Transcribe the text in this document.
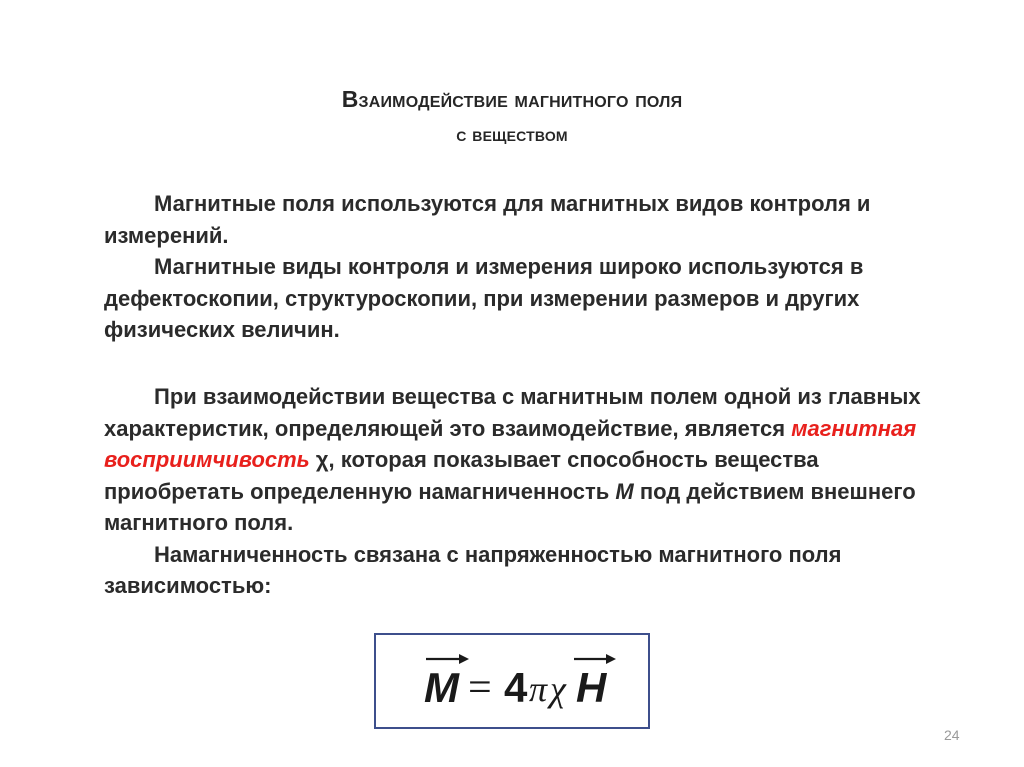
Взаимодействие магнитного поля
с веществом

Магнитные поля используются для магнитных видов контроля и измерений.

Магнитные виды контроля и измерения широко используются в дефектоскопии, структуроскопии, при измерении размеров и других физических величин.

При взаимодействии вещества с магнитным полем одной из главных характеристик, определяющей это взаимодействие, является магнитная восприимчивость χ, которая показывает способность вещества приобретать определенную намагниченность М под действием внешнего магнитного поля.

Намагниченность связана с напряженностью магнитного поля зависимостью:

M = 4 π χ H
24
